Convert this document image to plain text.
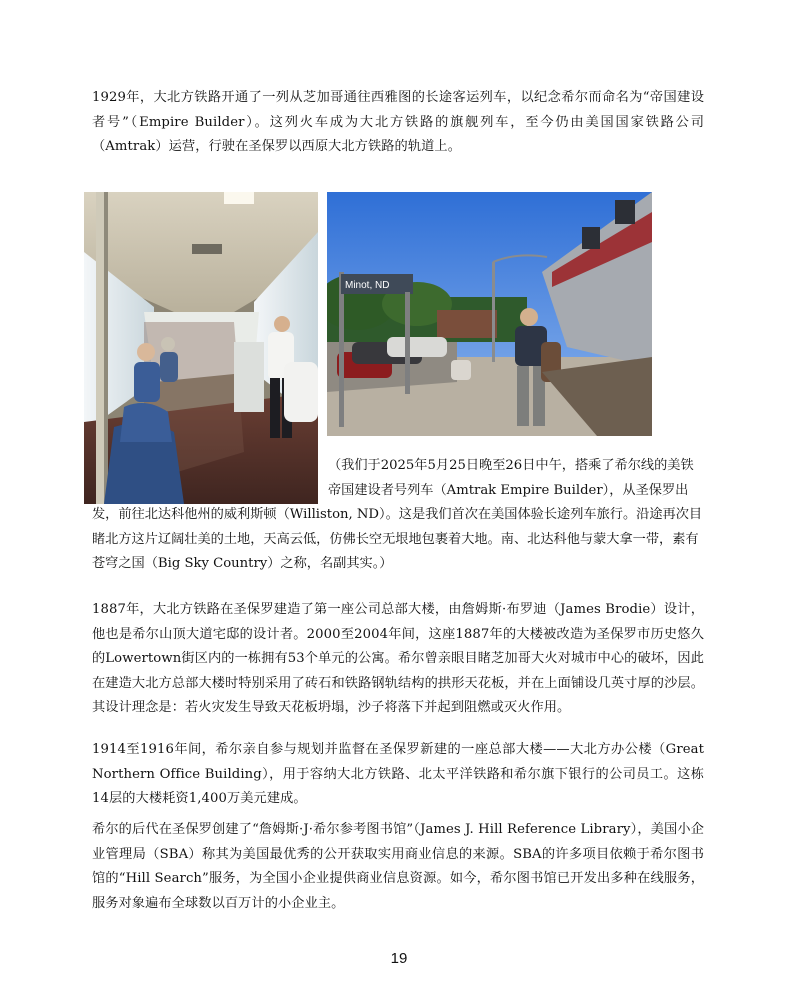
1929年，大北方铁路开通了一列从芝加哥通往西雅图的长途客运列车，以纪念希尔而命名为“帝国建设者号”（Empire Builder）。这列火车成为大北方铁路的旗舰列车，至今仍由美国国家铁路公司（Amtrak）运营，行驶在圣保罗以西原大北方铁路的轨道上。

Minot, ND

（我们于2025年5月25日晚至26日中午，搭乘了希尔线的美铁帝国建设者号列车（Amtrak Empire Builder），从圣保罗出发，前往北达科他州的威利斯顿（Williston, ND）。这是我们首次在美国体验长途列车旅行。沿途再次目睹北方这片辽阔壮美的土地，天高云低，仿佛长空无垠地包裹着大地。南、北达科他与蒙大拿一带，素有苍穹之国（Big Sky Country）之称，名副其实。）

1887年，大北方铁路在圣保罗建造了第一座公司总部大楼，由詹姆斯·布罗迪（James Brodie）设计，他也是希尔山顶大道宅邸的设计者。2000至2004年间，这座1887年的大楼被改造为圣保罗市历史悠久的Lowertown街区内的一栋拥有53个单元的公寓。希尔曾亲眼目睹芝加哥大火对城市中心的破坏，因此在建造大北方总部大楼时特别采用了砖石和铁路钢轨结构的拱形天花板，并在上面铺设几英寸厚的沙层。其设计理念是：若火灾发生导致天花板坍塌，沙子将落下并起到阻燃或灭火作用。

1914至1916年间，希尔亲自参与规划并监督在圣保罗新建的一座总部大楼——大北方办公楼（Great Northern Office Building），用于容纳大北方铁路、北太平洋铁路和希尔旗下银行的公司员工。这栋14层的大楼耗资1,400万美元建成。

希尔的后代在圣保罗创建了“詹姆斯·J·希尔参考图书馆”（James J. Hill Reference Library），美国小企业管理局（SBA）称其为美国最优秀的公开获取实用商业信息的来源。SBA的许多项目依赖于希尔图书馆的“Hill Search”服务，为全国小企业提供商业信息资源。如今，希尔图书馆已开发出多种在线服务，服务对象遍布全球数以百万计的小企业主。

19
